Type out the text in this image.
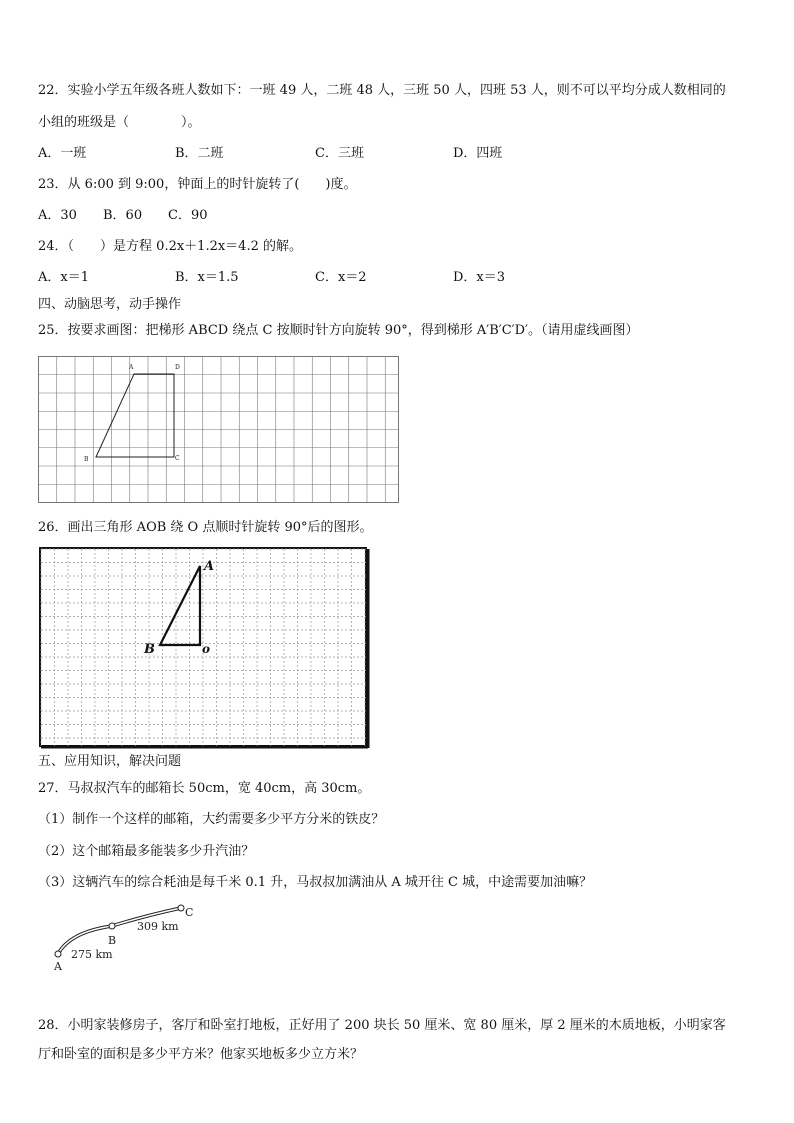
22．实验小学五年级各班人数如下：一班 49 人，二班 48 人，三班 50 人，四班 53 人，则不可以平均分成人数相同的
小组的班级是（　　　　）。
A．一班	B．二班	C．三班	D．四班
23．从 6:00 到 9:00，钟面上的时针旋转了(　　)度。
A．30 B．60 C．90
24．（　　）是方程 0.2x＋1.2x＝4.2 的解。
A．x＝1	B．x＝1.5	C．x＝2	D．x＝3
四、动脑思考，动手操作
25．按要求画图：把梯形 ABCD 绕点 C 按顺时针方向旋转 90°，得到梯形 A′B′C′D′。（请用虚线画图）
A	D
B	C
26．画出三角形 AOB 绕 O 点顺时针旋转 90°后的图形。
A
B	o
五、应用知识，解决问题
27．马叔叔汽车的邮箱长 50cm，宽 40cm，高 30cm。
（1）制作一个这样的邮箱，大约需要多少平方分米的铁皮？
（2）这个邮箱最多能装多少升汽油？
（3）这辆汽车的综合耗油是每千米 0.1 升，马叔叔加满油从 A 城开往 C 城，中途需要加油嘛？
A
B
C
275 km
309 km
28．小明家装修房子，客厅和卧室打地板，正好用了 200 块长 50 厘米、宽 80 厘米，厚 2 厘米的木质地板，小明家客
厅和卧室的面积是多少平方米？他家买地板多少立方米？
